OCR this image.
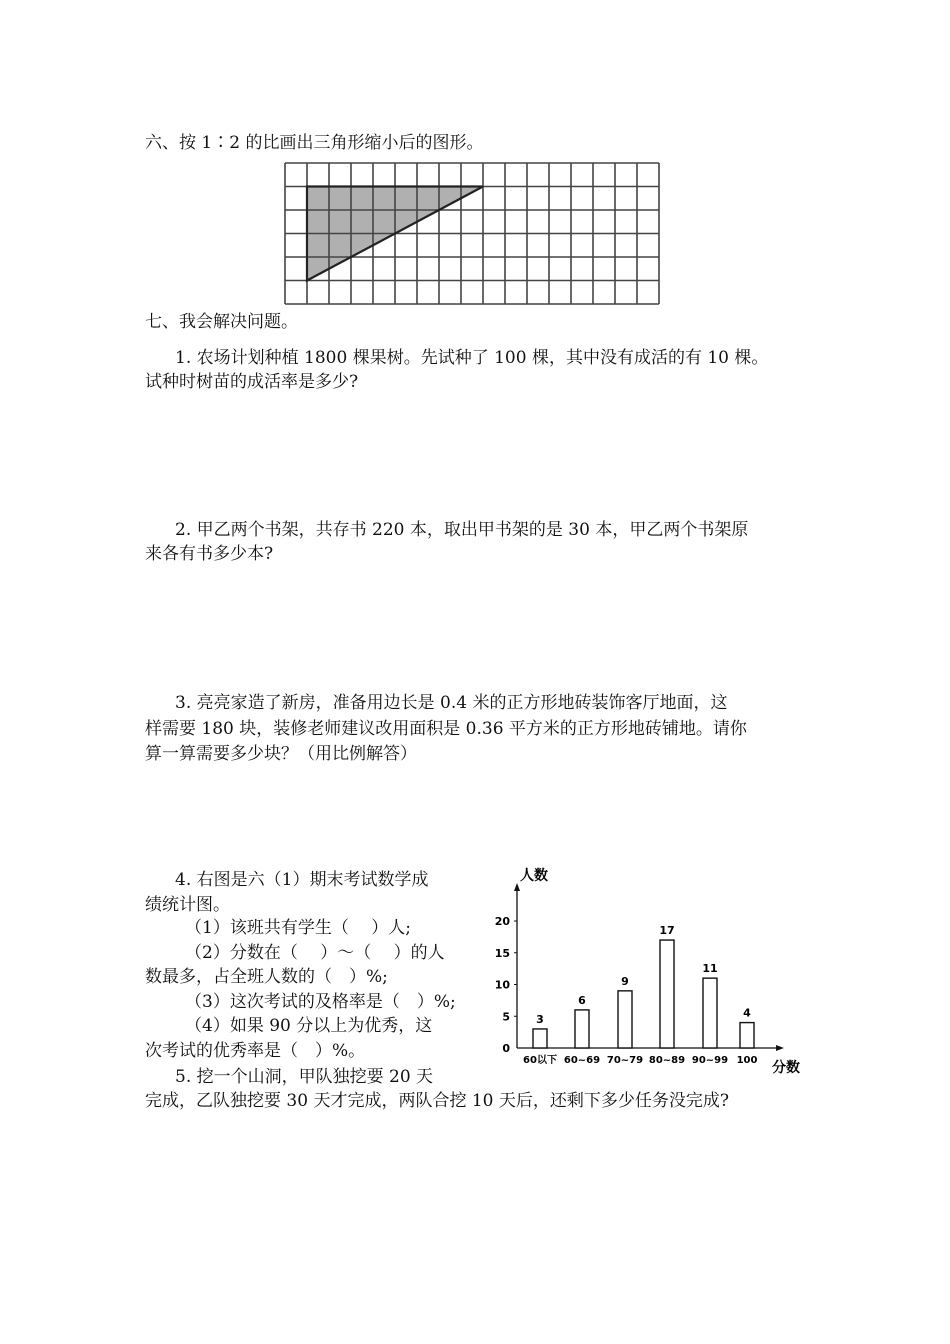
六、按 1∶2 的比画出三角形缩小后的图形。
七、我会解决问题。
1. 农场计划种植 1800 棵果树。先试种了 100 棵，其中没有成活的有 10 棵。
试种时树苗的成活率是多少?
2. 甲乙两个书架，共存书 220 本，取出甲书架的是 30 本，甲乙两个书架原
来各有书多少本?
3. 亮亮家造了新房，准备用边长是 0.4 米的正方形地砖装饰客厅地面，这
样需要 180 块，装修老师建议改用面积是 0.36 平方米的正方形地砖铺地。请你
算一算需要多少块？（用比例解答）
4. 右图是六（1）期末考试数学成
绩统计图。
（1）该班共有学生（　 ）人;
（2）分数在（　 ）～（　 ）的人
数最多，占全班人数的（　）%;
（3）这次考试的及格率是（　）%;
（4）如果 90 分以上为优秀，这
次考试的优秀率是（　）%。
5. 挖一个山洞，甲队独挖要 20 天
完成，乙队独挖要 30 天才完成，两队合挖 10 天后，还剩下多少任务没完成?
人数
分数
0
5
10
15
20
3
60以下
6
60~69
9
70~79
17
80~89
11
90~99
4
100
